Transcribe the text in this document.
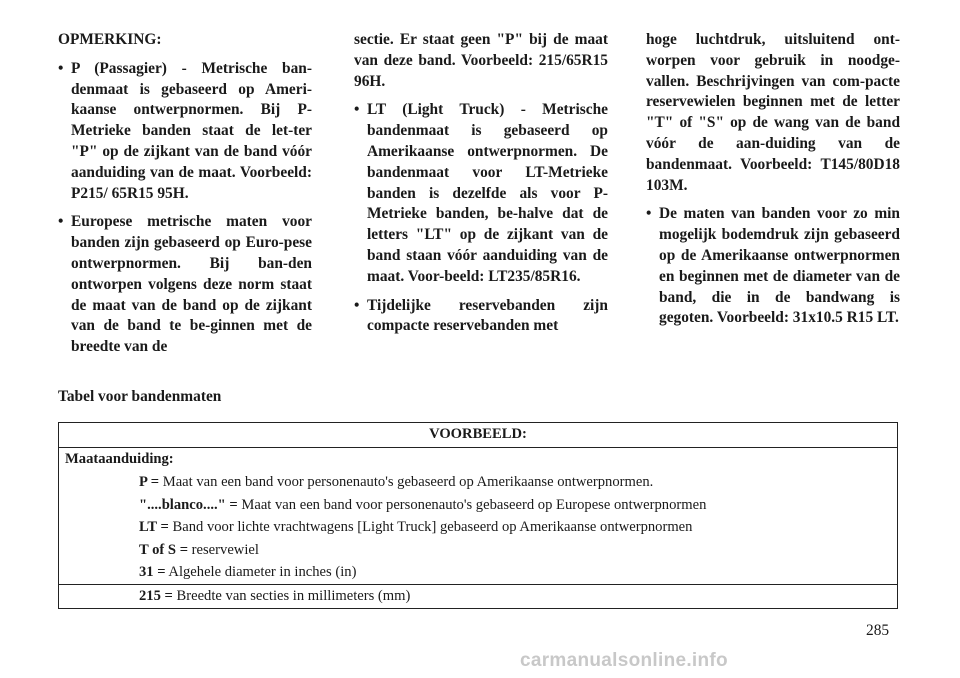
OPMERKING:
• P (Passagier) - Metrische ban-denmaat is gebaseerd op Ameri-kaanse ontwerpnormen. Bij P-Metrieke banden staat de let-ter "P" op de zijkant van de band vóór aanduiding van de maat. Voorbeeld: P215/ 65R15 95H.
• Europese metrische maten voor banden zijn gebaseerd op Euro-pese ontwerpnormen. Bij ban-den ontworpen volgens deze norm staat de maat van de band op de zijkant van de band te be-ginnen met de breedte van de
sectie. Er staat geen "P" bij de maat van deze band. Voorbeeld: 215/65R15 96H.
• LT (Light Truck) - Metrische bandenmaat is gebaseerd op Amerikaanse ontwerpnormen. De bandenmaat voor LT-Metrieke banden is dezelfde als voor P-Metrieke banden, be-halve dat de letters "LT" op de zijkant van de band staan vóór aanduiding van de maat. Voor-beeld: LT235/85R16.
• Tijdelijke reservebanden zijn compacte reservebanden met
hoge luchtdruk, uitsluitend ont-worpen voor gebruik in noodge-vallen. Beschrijvingen van com-pacte reservewielen beginnen met de letter "T" of "S" op de wang van de band vóór de aan-duiding van de bandenmaat. Voorbeeld: T145/80D18 103M.
• De maten van banden voor zo min mogelijk bodemdruk zijn gebaseerd op de Amerikaanse ontwerpnormen en beginnen met de diameter van de band, die in de bandwang is gegoten. Voorbeeld: 31x10.5 R15 LT.
Tabel voor bandenmaten
VOORBEELD:
Maataanduiding:
P = Maat van een band voor personenauto's gebaseerd op Amerikaanse ontwerpnormen.
"....blanco...." = Maat van een band voor personenauto's gebaseerd op Europese ontwerpnormen
LT = Band voor lichte vrachtwagens [Light Truck] gebaseerd op Amerikaanse ontwerpnormen
T of S = reservewiel
31 = Algehele diameter in inches (in)
215 = Breedte van secties in millimeters (mm)
285
carmanualsonline.info
